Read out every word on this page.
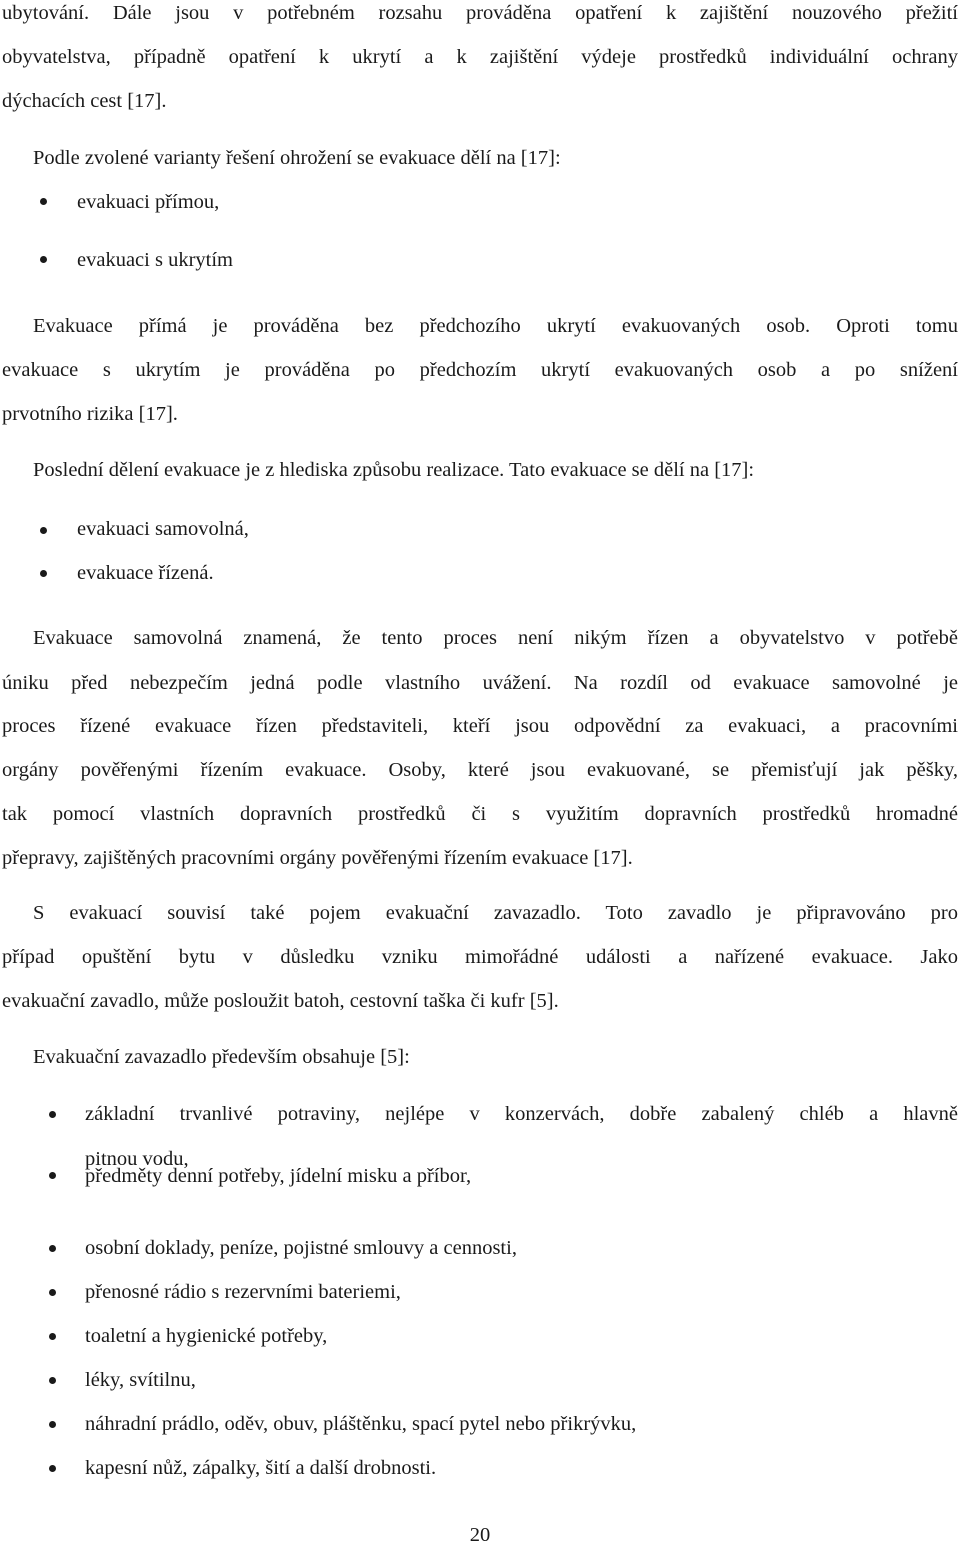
ubytování. Dále jsou v potřebném rozsahu prováděna opatření k zajištění nouzového přežití
obyvatelstva, případně opatření k ukrytí a k zajištění výdeje prostředků individuální ochrany
dýchacích cest [17].
Podle zvolené varianty řešení ohrožení se evakuace dělí na [17]:
evakuaci přímou,
evakuaci s ukrytím
Evakuace přímá je prováděna bez předchozího ukrytí evakuovaných osob. Oproti tomu
evakuace s ukrytím je prováděna po předchozím ukrytí evakuovaných osob a po snížení
prvotního rizika [17].
Poslední dělení evakuace je z hlediska způsobu realizace. Tato evakuace se dělí na [17]:
evakuaci samovolná,
evakuace řízená.
Evakuace samovolná znamená, že tento proces není nikým řízen a obyvatelstvo v potřebě
úniku před nebezpečím jedná podle vlastního uvážení. Na rozdíl od evakuace samovolné je
proces řízené evakuace řízen představiteli, kteří jsou odpovědní za evakuaci, a pracovními
orgány pověřenými řízením evakuace. Osoby, které jsou evakuované, se přemisťují jak pěšky,
tak pomocí vlastních dopravních prostředků či s využitím dopravních prostředků hromadné
přepravy, zajištěných pracovními orgány pověřenými řízením evakuace [17].
S evakuací souvisí také pojem evakuační zavazadlo. Toto zavadlo je připravováno pro
případ opuštění bytu v důsledku vzniku mimořádné události a nařízené evakuace. Jako
evakuační zavadlo, může posloužit batoh, cestovní taška či kufr [5].
Evakuační zavazadlo především obsahuje [5]:
základní trvanlivé potraviny, nejlépe v konzervách, dobře zabalený chléb a hlavně
pitnou vodu,
předměty denní potřeby, jídelní misku a příbor,
osobní doklady, peníze, pojistné smlouvy a cennosti,
přenosné rádio s rezervními bateriemi,
toaletní a hygienické potřeby,
léky, svítilnu,
náhradní prádlo, oděv, obuv, pláštěnku, spací pytel nebo přikrývku,
kapesní nůž, zápalky, šití a další drobnosti.
20
